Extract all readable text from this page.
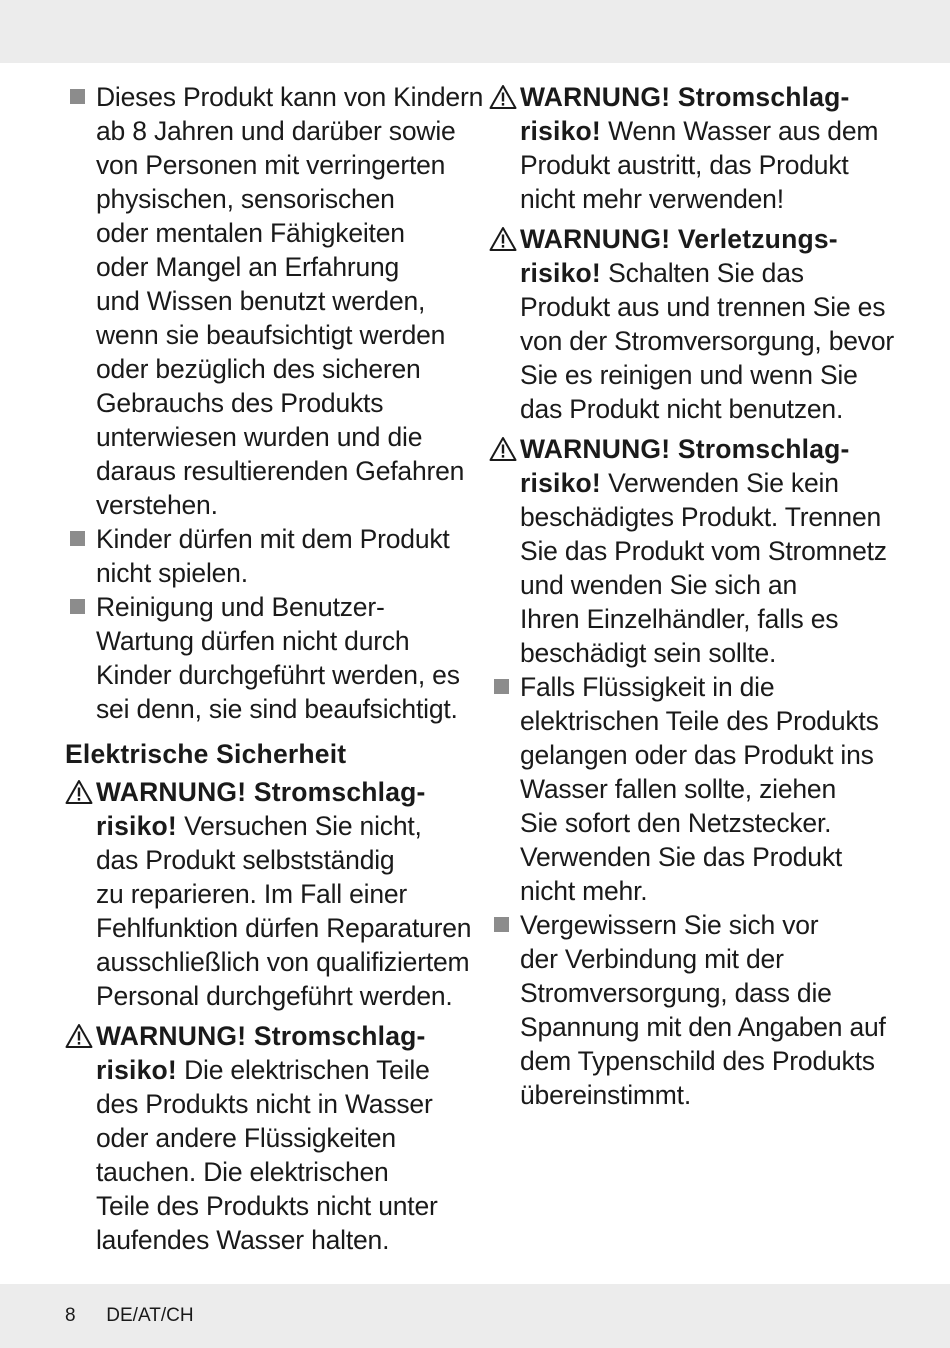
Dieses Produkt kann von Kindern
ab 8 Jahren und darüber sowie
von Personen mit verringerten
physischen, sensorischen
oder mentalen Fähigkeiten
oder Mangel an Erfahrung
und Wissen benutzt werden,
wenn sie beaufsichtigt werden
oder bezüglich des sicheren
Gebrauchs des Produkts
unterwiesen wurden und die
daraus resultierenden Gefahren
verstehen.
Kinder dürfen mit dem Produkt
nicht spielen.
Reinigung und Benutzer-
Wartung dürfen nicht durch
Kinder durchgeführt werden, es
sei denn, sie sind beaufsichtigt.
Elektrische Sicherheit
WARNUNG! Stromschlag-
risiko! Versuchen Sie nicht,
das Produkt selbstständig
zu reparieren. Im Fall einer
Fehlfunktion dürfen Reparaturen
ausschließlich von qualifiziertem
Personal durchgeführt werden.
WARNUNG! Stromschlag-
risiko! Die elektrischen Teile
des Produkts nicht in Wasser
oder andere Flüssigkeiten
tauchen. Die elektrischen
Teile des Produkts nicht unter
laufendes Wasser halten.
WARNUNG! Stromschlag-
risiko! Wenn Wasser aus dem
Produkt austritt, das Produkt
nicht mehr verwenden!
WARNUNG! Verletzungs-
risiko! Schalten Sie das
Produkt aus und trennen Sie es
von der Stromversorgung, bevor
Sie es reinigen und wenn Sie
das Produkt nicht benutzen.
WARNUNG! Stromschlag-
risiko! Verwenden Sie kein
beschädigtes Produkt. Trennen
Sie das Produkt vom Stromnetz
und wenden Sie sich an
Ihren Einzelhändler, falls es
beschädigt sein sollte.
Falls Flüssigkeit in die
elektrischen Teile des Produkts
gelangen oder das Produkt ins
Wasser fallen sollte, ziehen
Sie sofort den Netzstecker.
Verwenden Sie das Produkt
nicht mehr.
Vergewissern Sie sich vor
der Verbindung mit der
Stromversorgung, dass die
Spannung mit den Angaben auf
dem Typenschild des Produkts
übereinstimmt.
8 DE/AT/CH
